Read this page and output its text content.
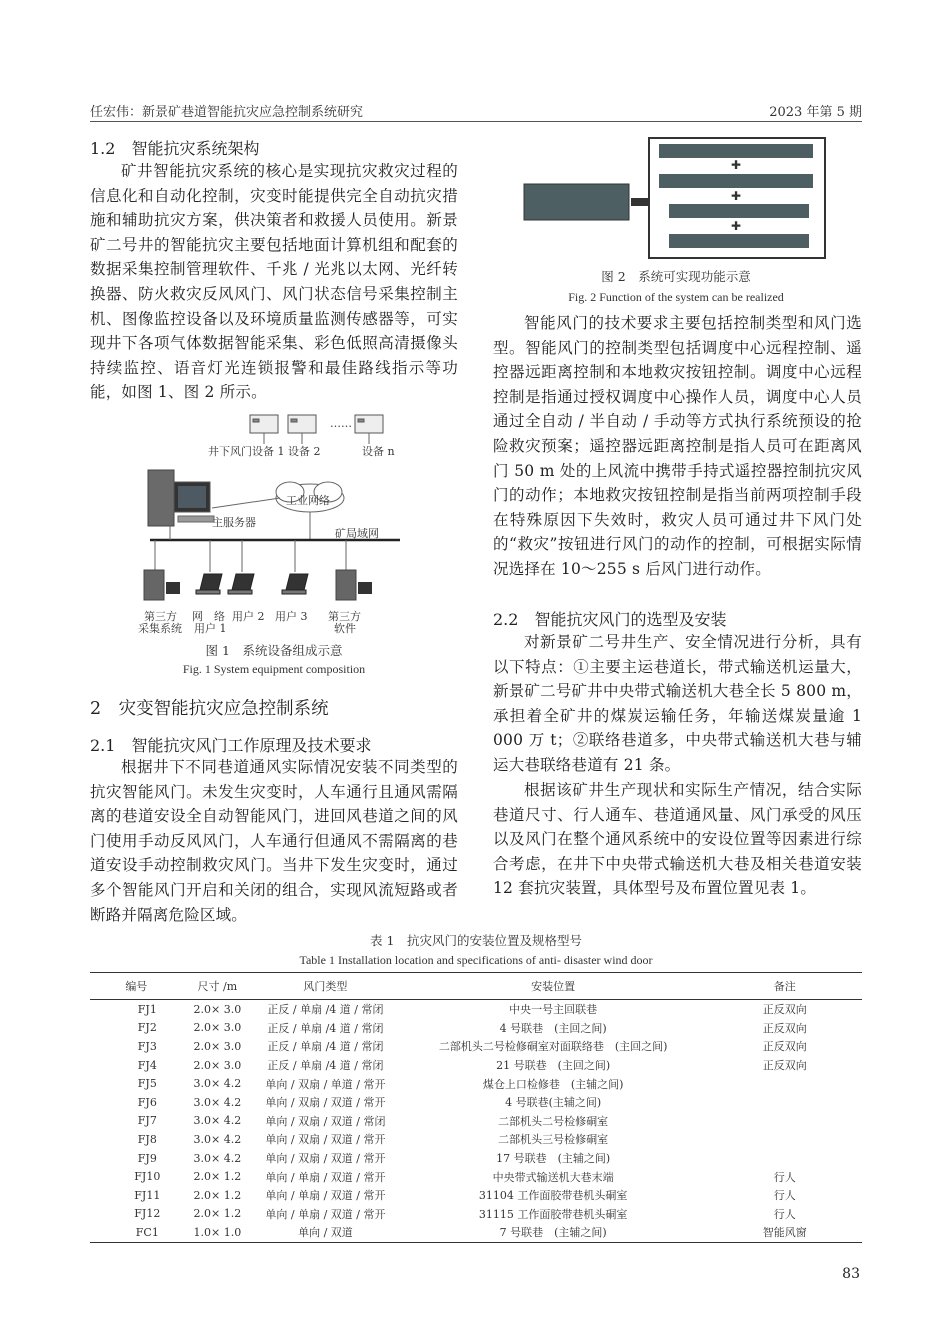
任宏伟：新景矿巷道智能抗灾应急控制系统研究	2023 年第 5 期
1.2　智能抗灾系统架构
矿井智能抗灾系统的核心是实现抗灾救灾过程的信息化和自动化控制，灾变时能提供完全自动抗灾措施和辅助抗灾方案，供决策者和救援人员使用。新景矿二号井的智能抗灾主要包括地面计算机组和配套的数据采集控制管理软件、千兆 / 光兆以太网、光纤转换器、防火救灾反风风门、风门状态信号采集控制主机、图像监控设备以及环境质量监测传感器等，可实现井下各项气体数据智能采集、彩色低照高清摄像头持续监控、语音灯光连锁报警和最佳路线指示等功能，如图 1、图 2 所示。
井下风门设备 1 设备 2
……
设备 n
工业网络
主服务器
矿局域网
第三方
采集系统
网　络
用户 1
用户 2 用户 3 第三方
软件
图 1　系统设备组成示意
Fig. 1 System equipment composition
2　灾变智能抗灾应急控制系统
2.1　智能抗灾风门工作原理及技术要求
根据井下不同巷道通风实际情况安装不同类型的抗灾智能风门。未发生灾变时，人车通行且通风需隔离的巷道安设全自动智能风门，进回风巷道之间的风门使用手动反风风门，人车通行但通风不需隔离的巷道安设手动控制救灾风门。当井下发生灾变时，通过多个智能风门开启和关闭的组合，实现风流短路或者断路并隔离危险区域。
✚
✚
✚
图 2　系统可实现功能示意
Fig. 2 Function of the system can be realized
智能风门的技术要求主要包括控制类型和风门选型。智能风门的控制类型包括调度中心远程控制、遥控器远距离控制和本地救灾按钮控制。调度中心远程控制是指通过授权调度中心操作人员，调度中心人员通过全自动 / 半自动 / 手动等方式执行系统预设的抢险救灾预案；遥控器远距离控制是指人员可在距离风门 50 m 处的上风流中携带手持式遥控器控制抗灾风门的动作；本地救灾按钮控制是指当前两项控制手段在特殊原因下失效时，救灾人员可通过井下风门处的“救灾”按钮进行风门的动作的控制，可根据实际情况选择在 10～255 s 后风门进行动作。
2.2　智能抗灾风门的选型及安装
对新景矿二号井生产、安全情况进行分析，具有以下特点：①主要主运巷道长，带式输送机运量大，新景矿二号矿井中央带式输送机大巷全长 5 800 m，承担着全矿井的煤炭运输任务，年输送煤炭量逾 1 000 万 t；②联络巷道多，中央带式输送机大巷与辅运大巷联络巷道有 21 条。
根据该矿井生产现状和实际生产情况，结合实际巷道尺寸、行人通车、巷道通风量、风门承受的风压以及风门在整个通风系统中的安设位置等因素进行综合考虑，在井下中央带式输送机大巷及相关巷道安装 12 套抗灾装置，具体型号及布置位置见表 1。
表 1　抗灾风门的安装位置及规格型号
Table 1 Installation location and specifications of anti- disaster wind door
编号	尺寸 /m	风门类型	安装位置	备注
FJ1	2.0× 3.0	正反 / 单扇 /4 道 / 常闭	中央一号主回联巷	正反双向
FJ2	2.0× 3.0	正反 / 单扇 /4 道 / 常闭	4 号联巷　(主回之间)	正反双向
FJ3	2.0× 3.0	正反 / 单扇 /4 道 / 常闭	二部机头二号检修硐室对面联络巷　(主回之间)	正反双向
FJ4	2.0× 3.0	正反 / 单扇 /4 道 / 常闭	21 号联巷　(主回之间)	正反双向
FJ5	3.0× 4.2	单向 / 双扇 / 单道 / 常开	煤仓上口检修巷　(主辅之间)	
FJ6	3.0× 4.2	单向 / 双扇 / 双道 / 常开	4 号联巷(主辅之间)	
FJ7	3.0× 4.2	单向 / 双扇 / 双道 / 常闭	二部机头二号检修硐室	
FJ8	3.0× 4.2	单向 / 双扇 / 双道 / 常开	二部机头三号检修硐室	
FJ9	3.0× 4.2	单向 / 双扇 / 双道 / 常开	17 号联巷　(主辅之间)	
FJ10	2.0× 1.2	单向 / 单扇 / 双道 / 常开	中央带式输送机大巷末端	行人
FJ11	2.0× 1.2	单向 / 单扇 / 双道 / 常开	31104 工作面胶带巷机头硐室	行人
FJ12	2.0× 1.2	单向 / 单扇 / 双道 / 常开	31115 工作面胶带巷机头硐室	行人
FC1	1.0× 1.0	单向 / 双道	7 号联巷　(主辅之间)	智能风窗
83
